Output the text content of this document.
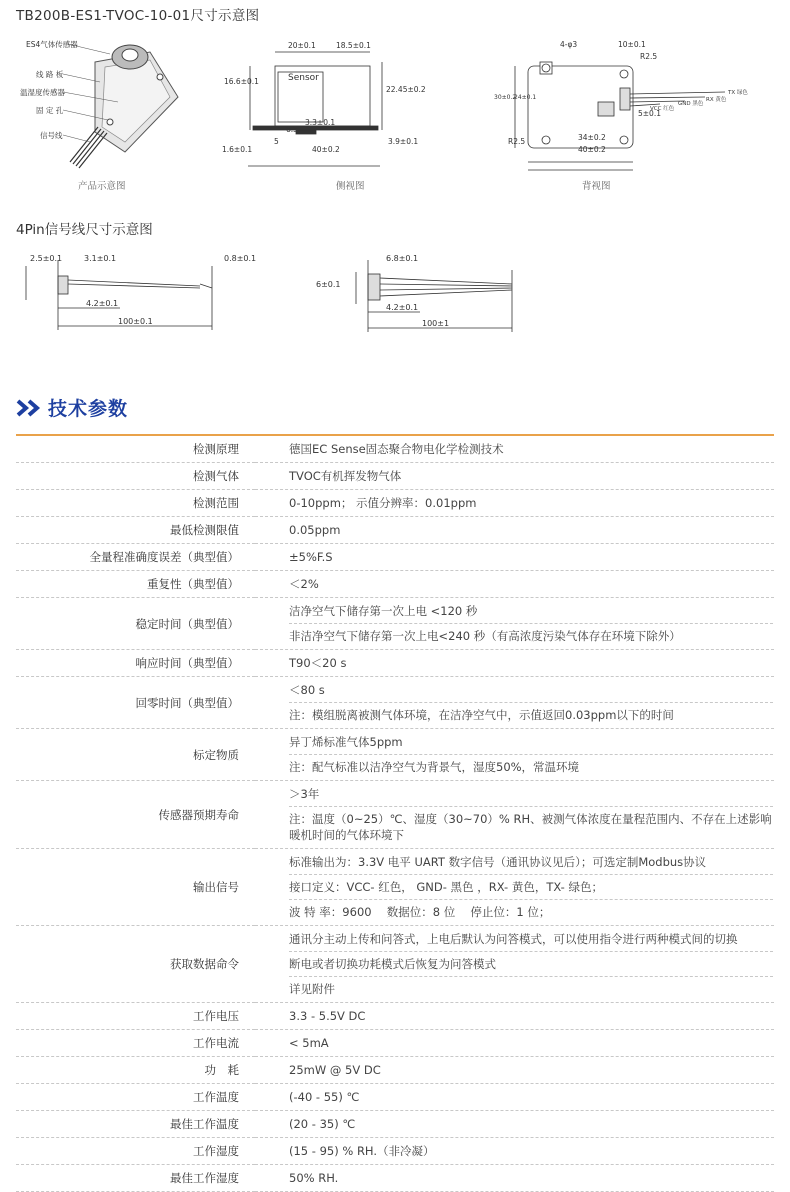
TB200B-ES1-TVOC-10-01尺寸示意图
ES4气体传感器
线 路 板
温湿度传感器
固 定 孔
信号线
Sensor
20±0.1	18.5±0.1
16.6±0.1
22.45±0.2
3.3±0.1
6.5
5
1.6±0.1	40±0.2
3.9±0.1
4-φ3	10±0.1
R2.5
30±0.2
24±0.1
R2.5
5±0.1
34±0.2
40±0.2
TX 绿色
RX 黄色
GND 黑色
VCC 红色
产品示意图	侧视图	背视图
4Pin信号线尺寸示意图
2.5±0.1	3.1±0.1	0.8±0.1
4.2±0.1
100±0.1
6.8±0.1
6±0.1
4.2±0.1
100±1
技术参数
检测原理	德国EC Sense固态聚合物电化学检测技术

检测气体	TVOC有机挥发物气体

检测范围	0-10ppm； 示值分辨率：0.01ppm

最低检测限值	0.05ppm

全量程准确度误差（典型值）	±5%F.S

重复性（典型值）	＜2%

稳定时间（典型值）	洁净空气下储存第一次上电 <120 秒
非洁净空气下储存第一次上电<240 秒（有高浓度污染气体存在环境下除外）

响应时间（典型值）	T90＜20 s

回零时间（典型值）	＜80 s
注：模组脱离被测气体环境，在洁净空气中，示值返回0.03ppm以下的时间

标定物质	异丁烯标准气体5ppm
注：配气标准以洁净空气为背景气，湿度50%，常温环境

传感器预期寿命	＞3年
注：温度（0~25）℃、湿度（30~70）% RH、被测气体浓度在量程范围内、不存在上述影响暖机时间的气体环境下

输出信号	标准输出为：3.3V 电平 UART 数字信号（通讯协议见后）；可选定制Modbus协议
接口定义：VCC- 红色， GND- 黑色 ，RX- 黄色，TX- 绿色；
波 特 率：9600 　数据位：8 位 　停止位：1 位；

获取数据命令	通讯分主动上传和问答式，上电后默认为问答模式，可以使用指令进行两种模式间的切换
断电或者切换功耗模式后恢复为问答模式
详见附件

工作电压	3.3 - 5.5V DC

工作电流	< 5mA

功　耗	25mW @ 5V DC

工作温度	(-40 - 55) ℃

最佳工作温度	(20 - 35) ℃

工作湿度	(15 - 95) % RH.（非冷凝）

最佳工作湿度	50% RH.
